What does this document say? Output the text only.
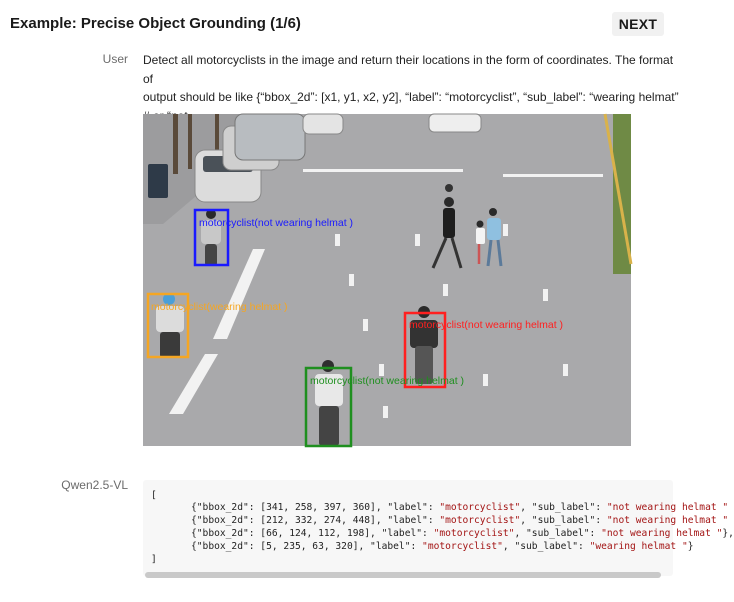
Example: Precise Object Grounding (1/6)	NEXT
User Detect all motorcyclists in the image and return their locations in the form of coordinates. The format of
output should be like {“bbox_2d”: [x1, y1, x2, y2], “label”: “motorcyclist”, “sub_label”: “wearing helmat”
motorcyclist(not wearing helmat )
motorcyclist(wearing helmat )
motorcyclist(not wearing helmat )
motorcyclist(not wearing helmat )
Qwen2.5-VL
[
{"bbox_2d": [341, 258, 397, 360], "label": "motorcyclist", "sub_label": "not wearing helmat "
{"bbox_2d": [212, 332, 274, 448], "label": "motorcyclist", "sub_label": "not wearing helmat "
{"bbox_2d": [66, 124, 112, 198], "label": "motorcyclist", "sub_label": "not wearing helmat "},
{"bbox_2d": [5, 235, 63, 320], "label": "motorcyclist", "sub_label": "wearing helmat "}
]
